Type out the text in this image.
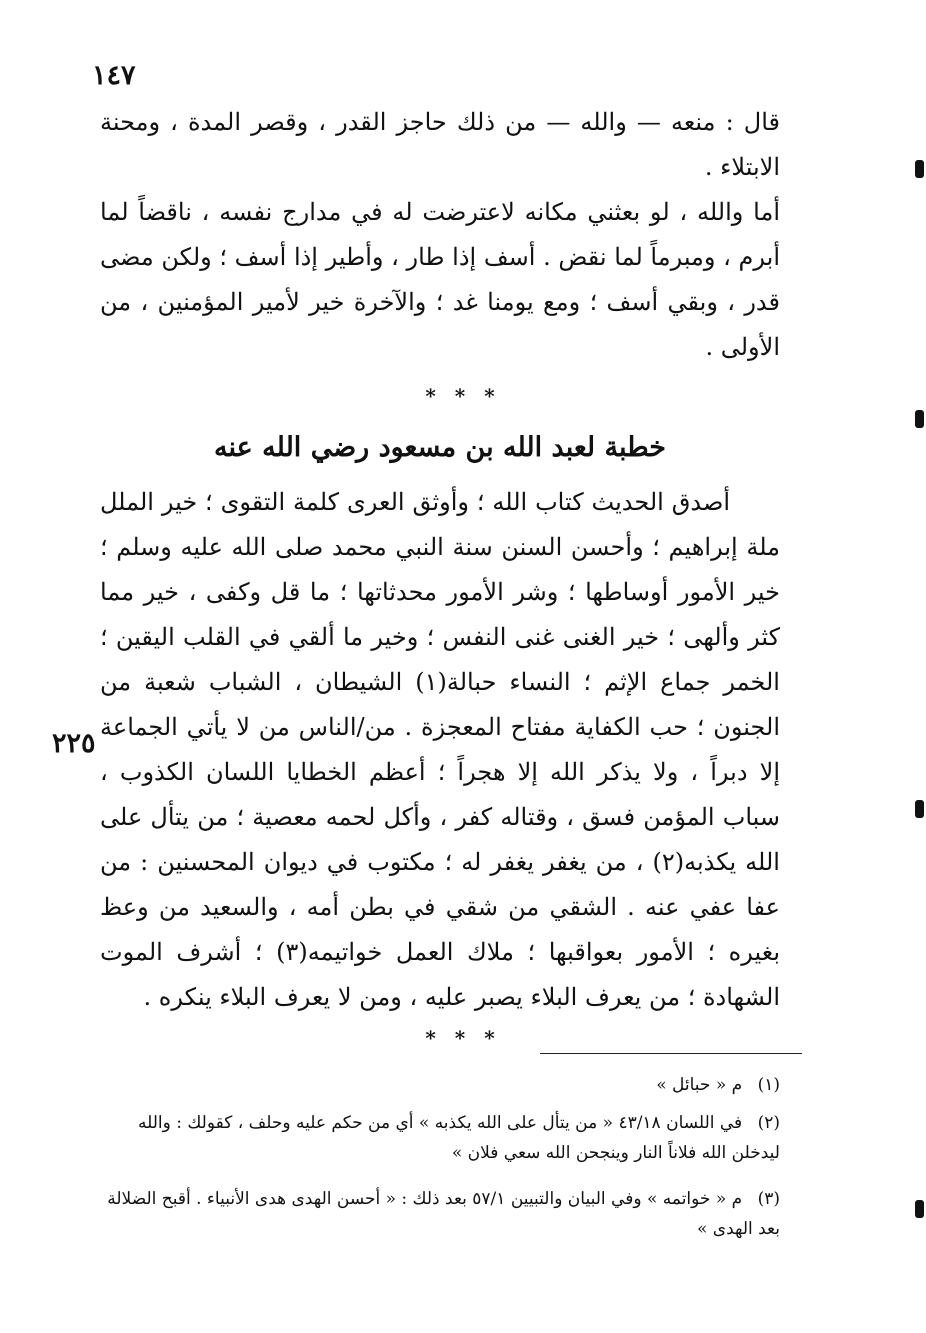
١٤٧

قال : منعه — والله — من ذلك حاجز القدر ، وقصر المدة ، ومحنة الابتلاء .

أما والله ، لو بعثني مكانه لاعترضت له في مدارج نفسه ، ناقضاً لما أبرم ، ومبرماً لما نقض . أسف إذا طار ، وأطير إذا أسف ؛ ولكن مضى قدر ، وبقي أسف ؛ ومع يومنا غد ؛ والآخرة خير لأمير المؤمنين ، من الأولى .

* * *
خطبة لعبد الله بن مسعود رضي الله عنه

أصدق الحديث كتاب الله ؛ وأوثق العرى كلمة التقوى ؛ خير الملل ملة إبراهيم ؛ وأحسن السنن سنة النبي محمد صلى الله عليه وسلم ؛ خير الأمور أوساطها ؛ وشر الأمور محدثاتها ؛ ما قل وكفى ، خير مما كثر وألهى ؛ خير الغنى غنى النفس ؛ وخير ما ألقي في القلب اليقين ؛ الخمر جماع الإثم ؛ النساء حبالة(١) الشيطان ، الشباب شعبة من الجنون ؛ حب الكفاية مفتاح المعجزة . من/الناس من لا يأتي الجماعة إلا دبراً ، ولا يذكر الله إلا هجراً ؛ أعظم الخطايا اللسان الكذوب ، سباب المؤمن فسق ، وقتاله كفر ، وأكل لحمه معصية ؛ من يتأل على الله يكذبه(٢) ، من يغفر يغفر له ؛ مكتوب في ديوان المحسنين : من عفا عفي عنه . الشقي من شقي في بطن أمه ، والسعيد من وعظ بغيره ؛ الأمور بعواقبها ؛ ملاك العمل خواتيمه(٣) ؛ أشرف الموت الشهادة ؛ من يعرف البلاء يصبر عليه ، ومن لا يعرف البلاء ينكره .

٢٢٥
* * *
(١) م « حبائل »
(٢) في اللسان ٤٣/١٨ « من يتأل على الله يكذبه » أي من حكم عليه وحلف ، كقولك : والله ليدخلن الله فلاناً النار وينجحن الله سعي فلان »
(٣) م « خواتمه » وفي البيان والتبيين ٥٧/١ بعد ذلك : « أحسن الهدى هدى الأنبياء . أقبح الضلالة بعد الهدى »
